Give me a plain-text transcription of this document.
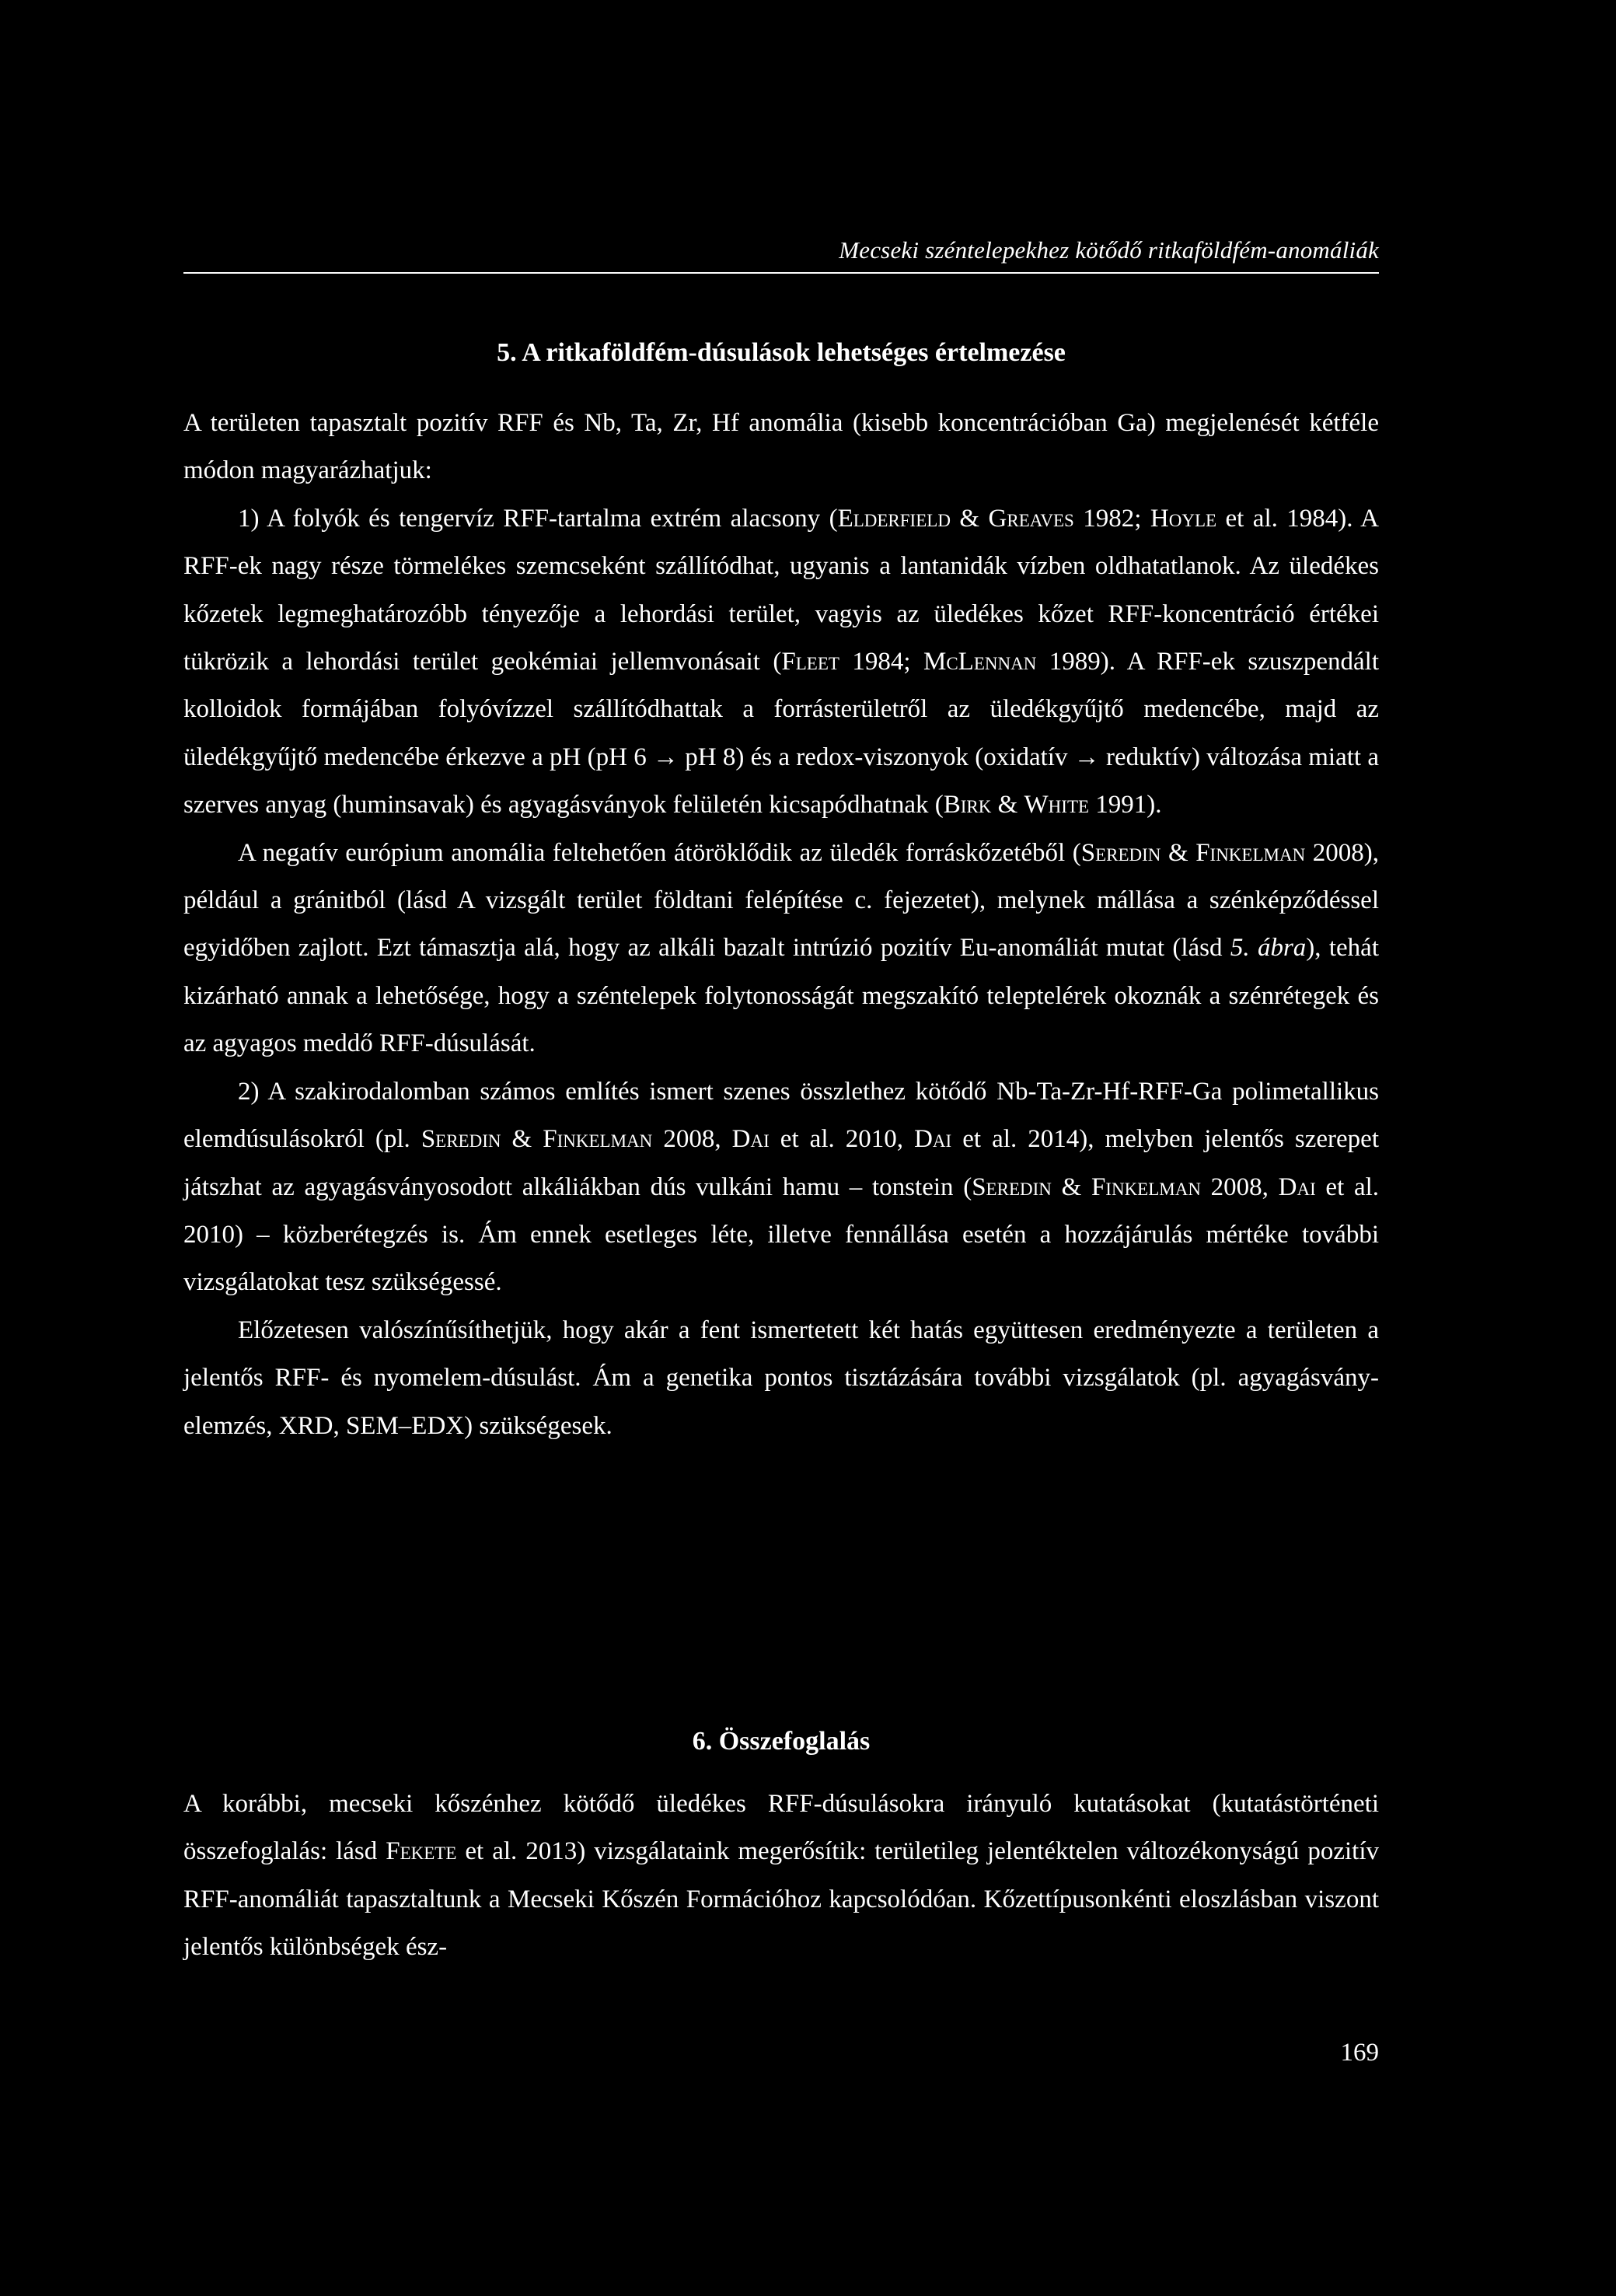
Mecseki széntelepekhez kötődő ritkaföldfém-anomáliák
5. A ritkaföldfém-dúsulások lehetséges értelmezése

A területen tapasztalt pozitív RFF és Nb, Ta, Zr, Hf anomália (kisebb koncentrációban Ga) megjelenését kétféle módon magyarázhatjuk:

1) A folyók és tengervíz RFF-tartalma extrém alacsony (Elderfield & Greaves 1982; Hoyle et al. 1984). A RFF-ek nagy része törmelékes szemcseként szállítódhat, ugyanis a lantanidák vízben oldhatatlanok. Az üledékes kőzetek legmeghatározóbb tényezője a lehordási terület, vagyis az üledékes kőzet RFF-koncentráció értékei tükrözik a lehordási terület geokémiai jellemvonásait (Fleet 1984; McLennan 1989). A RFF-ek szuszpendált kolloidok formájában folyóvízzel szállítódhattak a forrásterületről az üledékgyűjtő medencébe, majd az üledékgyűjtő medencébe érkezve a pH (pH 6 → pH 8) és a redox-viszonyok (oxidatív → reduktív) változása miatt a szerves anyag (huminsavak) és agyagásványok felületén kicsapódhatnak (Birk & White 1991).

A negatív európium anomália feltehetően átöröklődik az üledék forráskőzetéből (Seredin & Finkelman 2008), például a gránitból (lásd A vizsgált terület földtani felépítése c. fejezetet), melynek mállása a szénképződéssel egyidőben zajlott. Ezt támasztja alá, hogy az alkáli bazalt intrúzió pozitív Eu-anomáliát mutat (lásd 5. ábra), tehát kizárható annak a lehetősége, hogy a széntelepek folytonosságát megszakító teleptelérek okoznák a szénrétegek és az agyagos meddő RFF-dúsulását.

2) A szakirodalomban számos említés ismert szenes összlethez kötődő Nb-Ta-Zr-Hf-RFF-Ga polimetallikus elemdúsulásokról (pl. Seredin & Finkelman 2008, Dai et al. 2010, Dai et al. 2014), melyben jelentős szerepet játszhat az agyagásványosodott alkáliákban dús vulkáni hamu – tonstein (Seredin & Finkelman 2008, Dai et al. 2010) – közberétegzés is. Ám ennek esetleges léte, illetve fennállása esetén a hozzájárulás mértéke további vizsgálatokat tesz szükségessé.

Előzetesen valószínűsíthetjük, hogy akár a fent ismertetett két hatás együttesen eredményezte a területen a jelentős RFF- és nyomelem-dúsulást. Ám a genetika pontos tisztázására további vizsgálatok (pl. agyagásvány-elemzés, XRD, SEM–EDX) szükségesek.

6. Összefoglalás

A korábbi, mecseki kőszénhez kötődő üledékes RFF-dúsulásokra irányuló kutatásokat (kutatástörténeti összefoglalás: lásd Fekete et al. 2013) vizsgálataink megerősítik: területileg jelentéktelen változékonyságú pozitív RFF-anomáliát tapasztaltunk a Mecseki Kőszén Formációhoz kapcsolódóan. Kőzettípusonkénti eloszlásban viszont jelentős különbségek ész-

169
